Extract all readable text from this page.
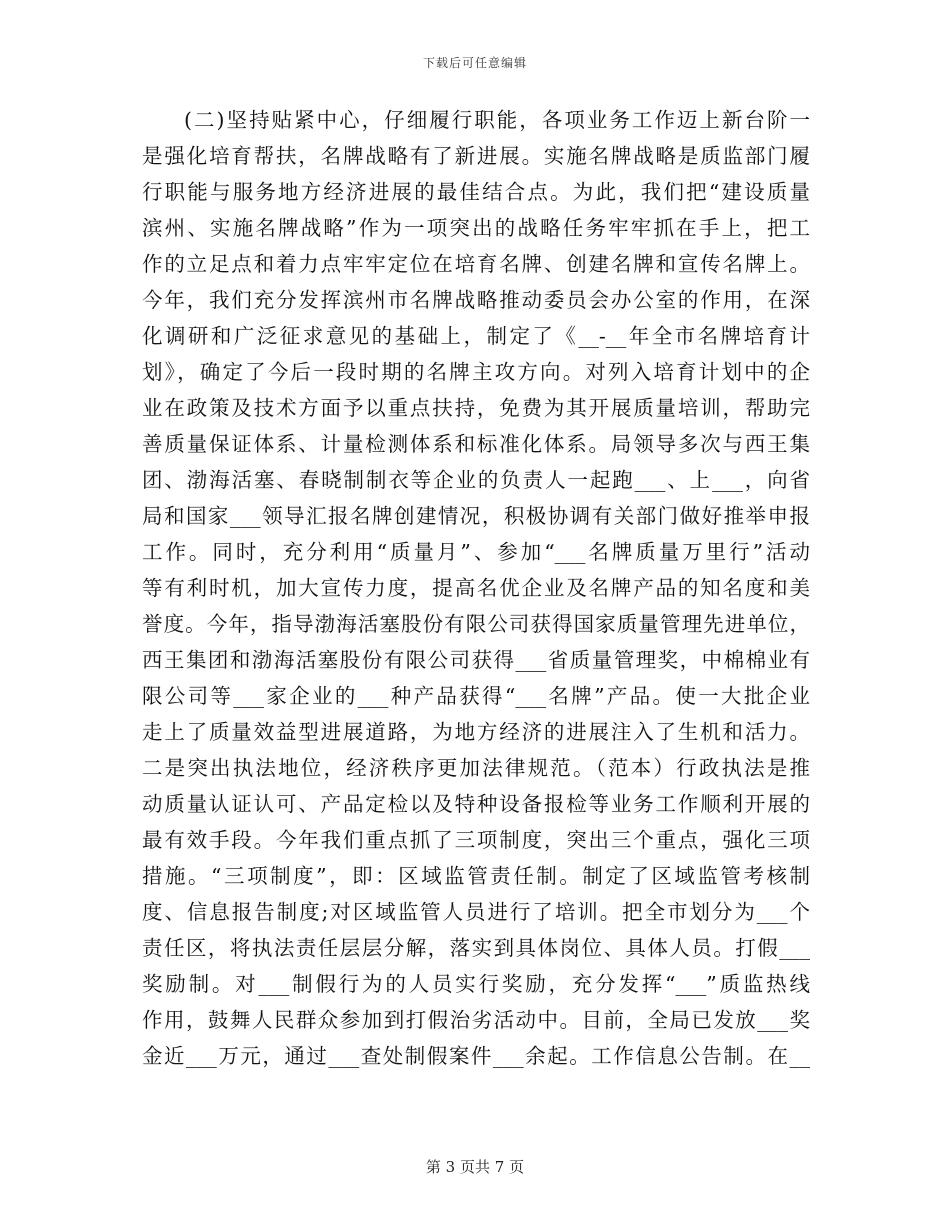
下载后可任意编辑
(二)坚持贴紧中心，仔细履行职能，各项业务工作迈上新台阶一
是强化培育帮扶，名牌战略有了新进展。实施名牌战略是质监部门履
行职能与服务地方经济进展的最佳结合点。为此，我们把“建设质量
滨州、实施名牌战略”作为一项突出的战略任务牢牢抓在手上，把工
作的立足点和着力点牢牢定位在培育名牌、创建名牌和宣传名牌上。
今年，我们充分发挥滨州市名牌战略推动委员会办公室的作用，在深
化调研和广泛征求意见的基础上，制定了《__-__年全市名牌培育计
划》，确定了今后一段时期的名牌主攻方向。对列入培育计划中的企
业在政策及技术方面予以重点扶持，免费为其开展质量培训，帮助完
善质量保证体系、计量检测体系和标准化体系。局领导多次与西王集
团、渤海活塞、春晓制制衣等企业的负责人一起跑___、上___，向省
局和国家___领导汇报名牌创建情况，积极协调有关部门做好推举申报
工作。同时，充分利用“质量月”、参加“___名牌质量万里行”活动
等有利时机，加大宣传力度，提高名优企业及名牌产品的知名度和美
誉度。今年，指导渤海活塞股份有限公司获得国家质量管理先进单位，
西王集团和渤海活塞股份有限公司获得___省质量管理奖，中棉棉业有
限公司等___家企业的___种产品获得“___名牌”产品。使一大批企业
走上了质量效益型进展道路，为地方经济的进展注入了生机和活力。
二是突出执法地位，经济秩序更加法律规范。（范本）行政执法是推
动质量认证认可、产品定检以及特种设备报检等业务工作顺利开展的
最有效手段。今年我们重点抓了三项制度，突出三个重点，强化三项
措施。“三项制度”，即：区域监管责任制。制定了区域监管考核制
度、信息报告制度;对区域监管人员进行了培训。把全市划分为___个
责任区，将执法责任层层分解，落实到具体岗位、具体人员。打假___
奖励制。对___制假行为的人员实行奖励，充分发挥“___”质监热线
作用，鼓舞人民群众参加到打假治劣活动中。目前，全局已发放___奖
金近___万元，通过___查处制假案件___余起。工作信息公告制。在__
第 3 页共 7 页
